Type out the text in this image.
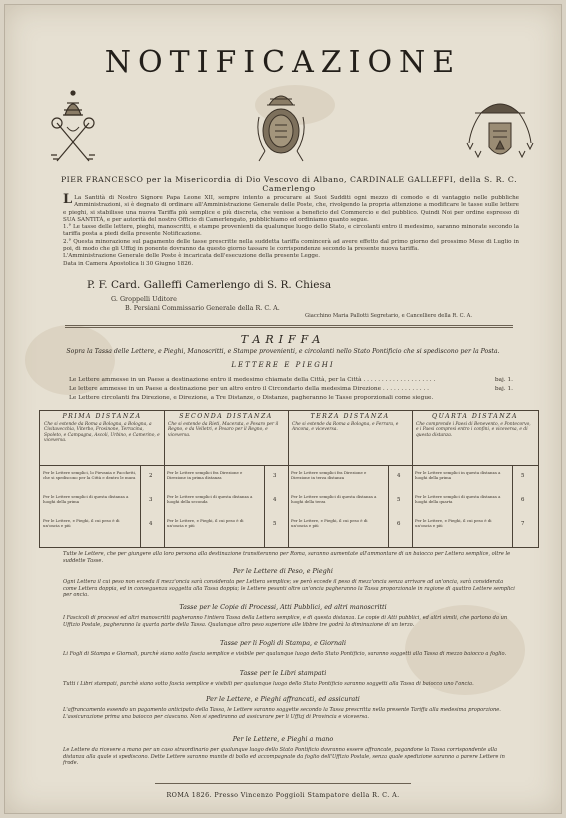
NOTIFICAZIONE
PIER FRANCESCO per la Misericordia di Dio Vescovo di Albano, CARDINALE GALLEFFI, della S. R. C. Camerlengo
L La Santità di Nostro Signore Papa Leone XII, sempre intento a procurare ai Suoi Sudditi ogni mezzo di comodo e di vantaggio nelle pubbliche Amministrazioni, si è degnato di ordinare all'Amministrazione Generale delle Poste, che, rivolgendo la propria attenzione a modificare le tasse sulle lettere e pieghi, si stabilisse una nuova Tariffa più semplice e più discreta, che venisse a beneficio del Commercio e del pubblico. Quindi Noi per ordine espresso di SUA SANTITÀ, e per autorità del nostro Officio di Camerlengato, pubblichiamo ed ordiniamo quanto segue.
1.° Le tasse delle lettere, pieghi, manoscritti, e stampe provenienti da qualunque luogo dello Stato, e circolanti entro il medesimo, saranno minorate secondo la tariffa posta a piedi della presente Notificazione.
2.° Questa minorazione sul pagamento delle tasse prescritte nella suddetta tariffa comincerà ad avere effetto dal primo giorno del prossimo Mese di Luglio in poi, di modo che gli Uffizj in ponente dovranno da questo giorno tassare le corrispondenze secondo la presente nuova tariffa.
L'Amministrazione Generale delle Poste è incaricata dell'esecuzione della presente Legge.
Data in Camera Apostolica li 30 Giugno 1826.
P. F. Card. Galleffi Camerlengo di S. R. Chiesa
G. Groppelli Uditore
B. Persiani Commissario Generale della R. C. A.
Giacchino Maria Pallotti Segretario, e Cancelliere della R. C. A.
TARIFFA
Sopra la Tassa delle Lettere, e Pieghi, Manoscritti, e Stampe provenienti, e circolanti nello Stato Pontificio che si spediscono per la Posta.
LETTERE E PIEGHI
Le Lettere ammesse in un Paese a destinazione entro il medesimo chiamate della Città, per la Città . . . . . . . . . . . . . . . . . . . .	baj. 1.
Le lettere ammesse in un Paese a destinazione per un altro entro il Circondario della medesima Direzione . . . . . . . . . . . . .	baj. 1.
Le Lettere circolanti fra Direzione, e Direzione, a Tre Distanze, o Distanze, pagheranno le Tasse proporzionali come siegue.
PRIMA DISTANZA
Che si estende da Roma a Bologna, a Bologna, a Civitavecchia, Viterbo, Frosinone, Terracina, Spoleto, e Campagna, Ascoli, Urbino, e Camerino, e viceversa.
Per le Lettere semplici, lo Pievania e Pacchetti, che si spediscono per la Città e dentro le mura
Per le Lettere semplici di questa distanza a luoghi della prima
Per le Lettere, e Pieghi, il cui peso è di un'oncia e più
2
3
4
SECONDA DISTANZA
Che si estende da Rieti, Macerata, e Pesaro per il Regno, e da Velletri, e Pesaro per il Regno, e viceversa.
Per le Lettere semplici fra Direzione e Direzione in prima distanza
Per le Lettere semplici di questa distanza a luoghi della seconda
Per le Lettere, e Pieghi, il cui peso è di un'oncia e più
3
4
5
TERZA DISTANZA
Che si estende da Roma a Bologna, e Ferrara, e Ancona, e viceversa.
Per le Lettere semplici fra Direzione e Direzione in terza distanza
Per le Lettere semplici di questa distanza a luoghi della terza
Per le Lettere, e Pieghi, il cui peso è di un'oncia e più
4
5
6
QUARTA DISTANZA
Che comprende i Paesi di Benevento, e Pontecorvo, e i Paesi compresi entro i confini, e viceversa, e di questa distanza.
Per le Lettere semplici in questa distanza a luoghi della prima
Per le Lettere semplici di questa distanza a luoghi della quarta
Per le Lettere, e Pieghi, il cui peso è di un'oncia e più
5
6
7
Tutte le Lettere, che per giungere alla loro persona alla destinazione transiteranno per Roma, saranno aumentate all'ammontare di un baiocco per Lettera semplice, oltre le suddette Tasse.
Per le Lettere di Peso, e Pieghi
Ogni Lettera il cui peso non ecceda il mezz'oncia sarà considerata per Lettera semplice; se però eccede il peso di mezz'oncia senza arrivare ad un'oncia, sarà considerata come Lettera doppia, ed in conseguenza soggetta alla Tassa doppia; le Lettere pesanti oltre un'oncia pagheranno la Tassa proporzionale in ragione di quattro Lettere semplici per oncia.
Tasse per le Copie di Processi, Atti Pubblici, ed altri manoscritti
I Fascicoli di processi ed altri manoscritti pagheranno l'intiera Tassa della Lettera semplice, e di questa distanza. Le copie di Atti pubblici, ed altri simili, che partono da un Uffizio Postale, pagheranno la quarta parte della Tassa. Qualunque altro peso superiore alle libbre tre godrà la diminuzione di un terzo.
Tasse per li Fogli di Stampa, e Giornali
Li Fogli di Stampa e Giornali, purchè siano sotto fascia semplice e visibile per qualunque luogo dello Stato Pontificio, saranno soggetti alla Tassa di mezzo baiocco a foglio.
Tasse per le Libri stampati
Tutti i Libri stampati, purchè siano sotto fascia semplice e visibili per qualunque luogo dello Stato Pontificio saranno soggetti alla Tassa di baiocco uno l'oncia.
Per le Lettere, e Pieghi affrancati, ed assicurati
L'affrancamento essendo un pagamento anticipato della Tassa, le Lettere saranno soggette secondo la Tassa prescritta nella presente Tariffa alla medesima proporzione. L'assicurazione prima una baiocco per ciascuno. Non si spediranno ad assicurare per li Uffizj di Provincia e viceversa.
Per le Lettere, e Pieghi a mano
Le Lettere da ricevere a mano per un caso straordinario per qualunque luogo dello Stato Pontificio dovranno essere affrancate, pagandone la Tassa corrispondente alla distanza alla quale si spediscono. Dette Lettere saranno munite di bollo ed accompagnate da foglio dell'Uffizio Postale, senza quale spedizione saranno a parere Lettere in frode.
ROMA 1826. Presso Vincenzo Poggioli Stampatore della R. C. A.
